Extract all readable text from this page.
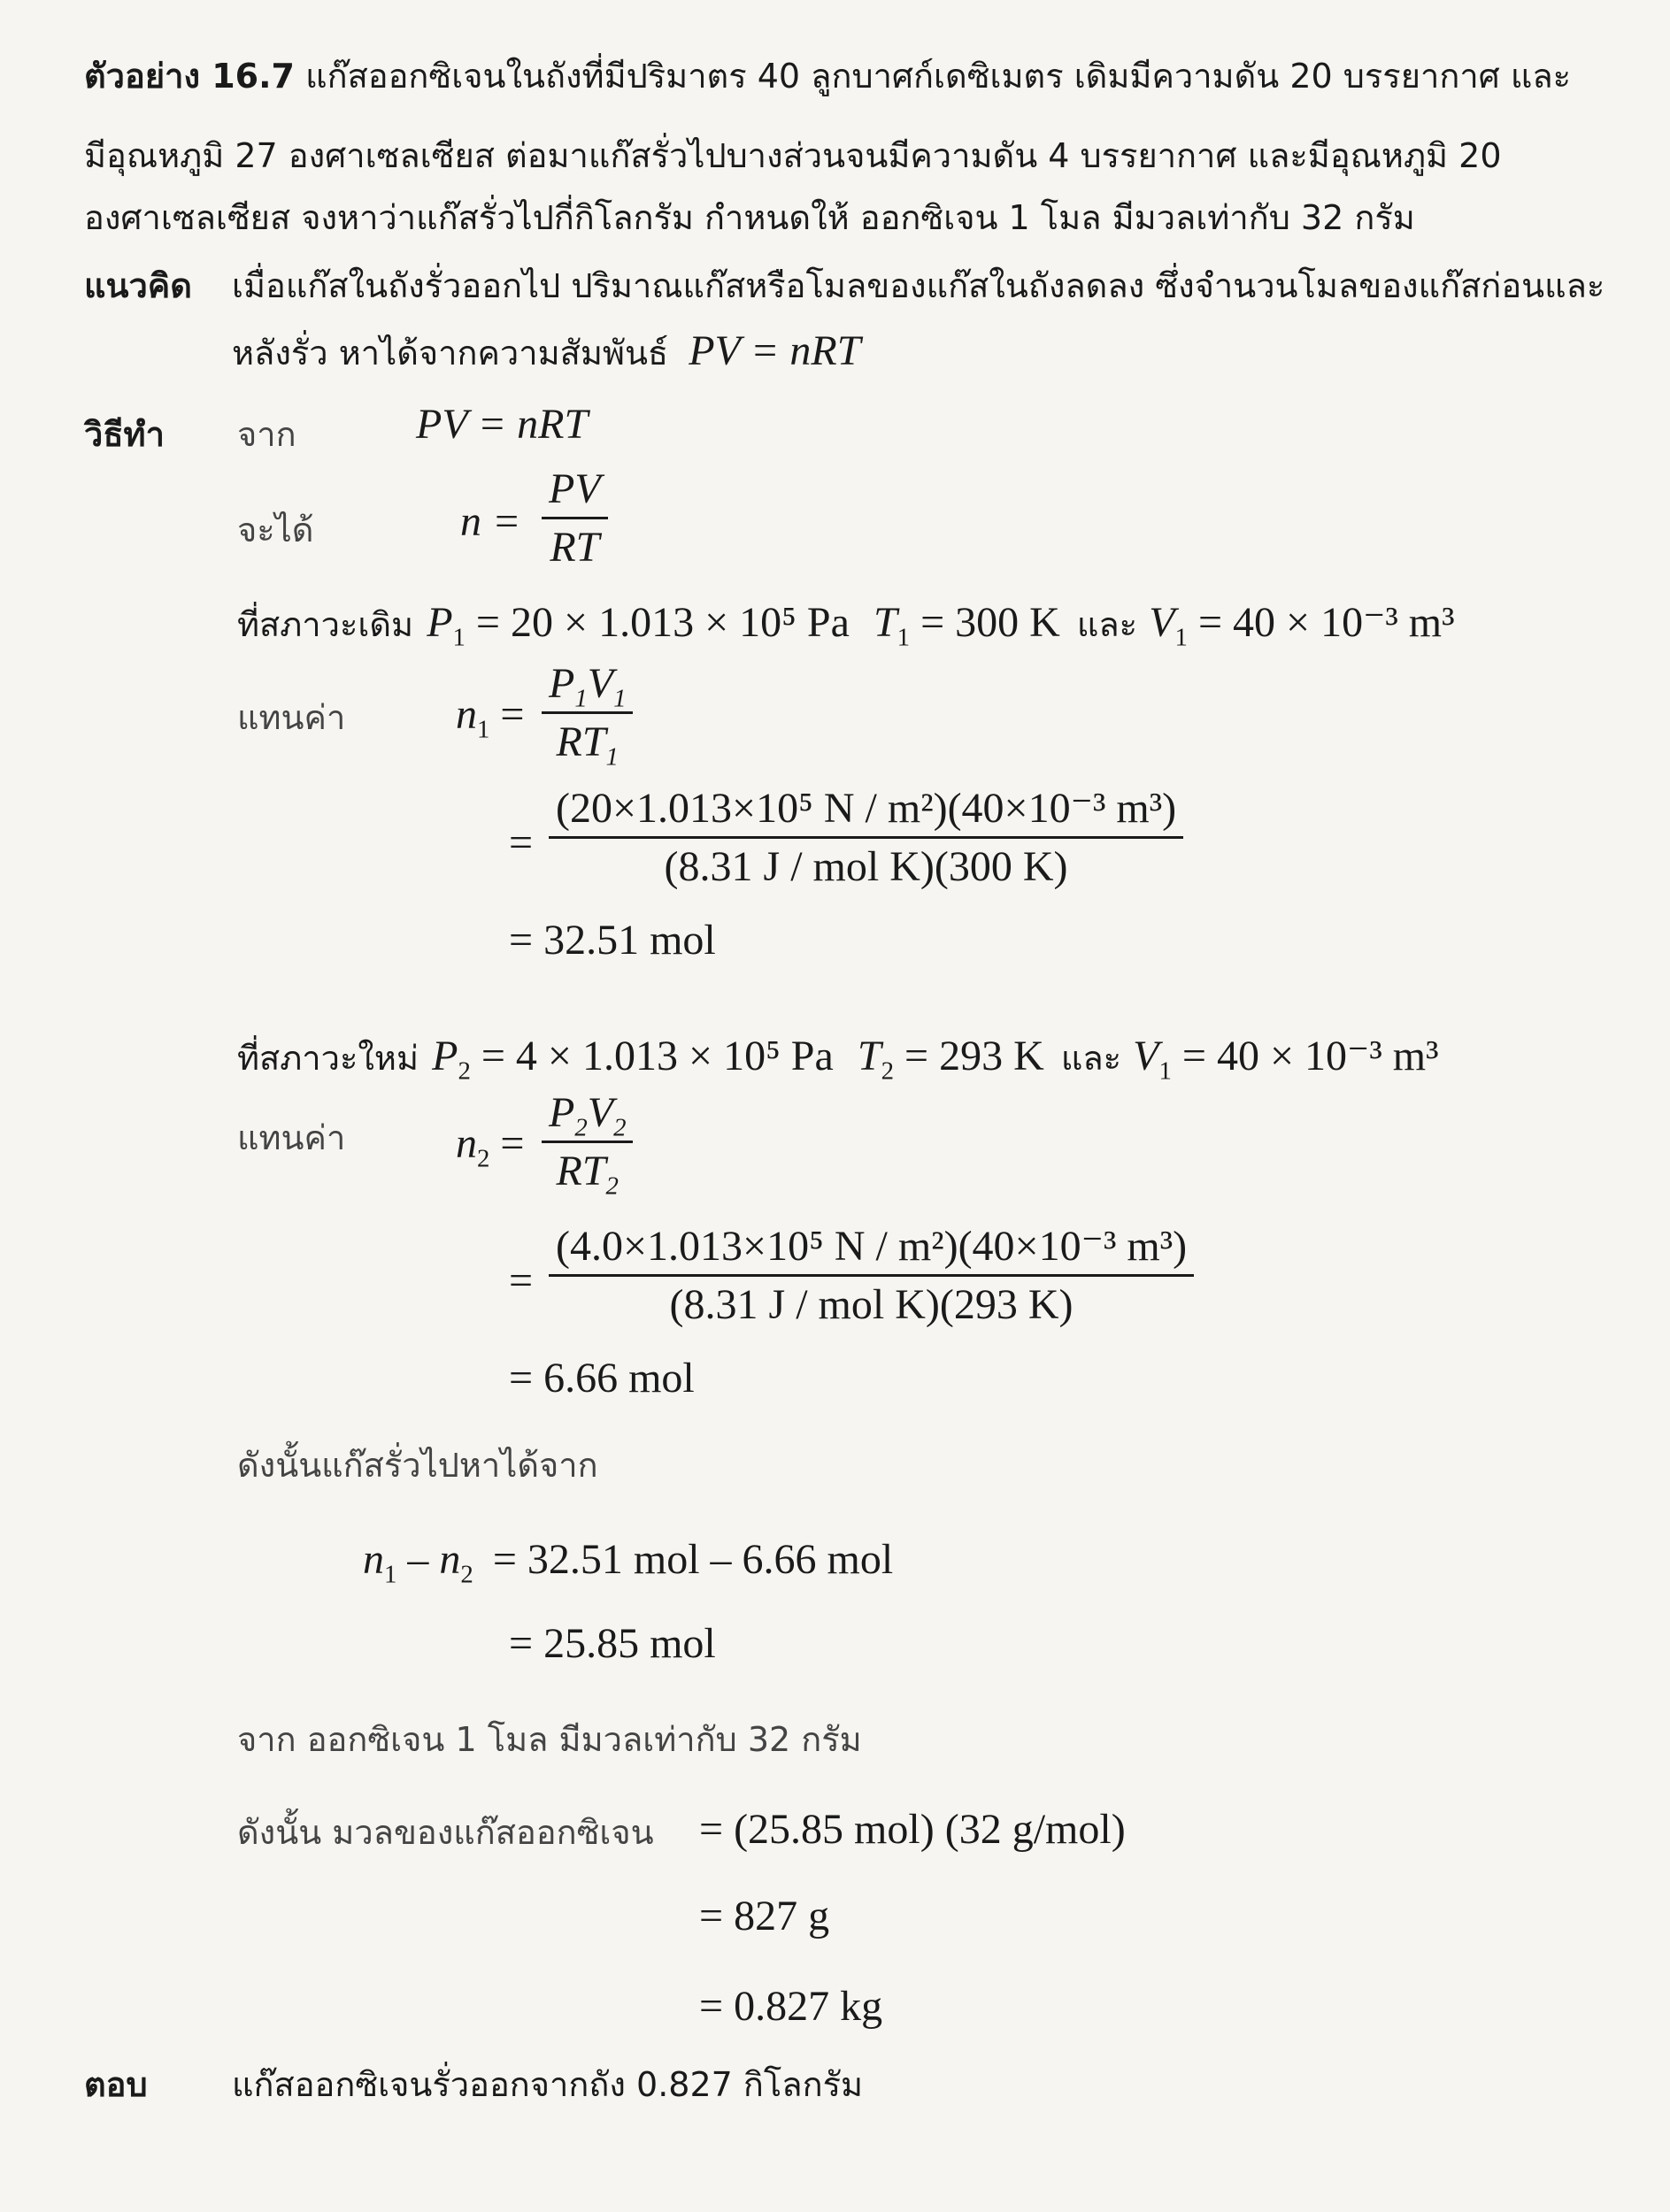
ตัวอย่าง 16.7 แก๊สออกซิเจนในถังที่มีปริมาตร 40 ลูกบาศก์เดซิเมตร เดิมมีความดัน 20 บรรยากาศ และ
มีอุณหภูมิ 27 องศาเซลเซียส ต่อมาแก๊สรั่วไปบางส่วนจนมีความดัน 4 บรรยากาศ และมีอุณหภูมิ 20
องศาเซลเซียส จงหาว่าแก๊สรั่วไปกี่กิโลกรัม กำหนดให้ ออกซิเจน 1 โมล มีมวลเท่ากับ 32 กรัม
แนวคิด เมื่อแก๊สในถังรั่วออกไป ปริมาณแก๊สหรือโมลของแก๊สในถังลดลง ซึ่งจำนวนโมลของแก๊สก่อนและ
หลังรั่ว หาได้จากความสัมพันธ์ PV = nRT
วิธีทำ จาก	PV = nRT
จะได้	$n = \frac{PV}{RT}$
ที่สภาวะเดิม $P_1 = 20 \times 1.013 \times 10^5$ Pa $T_1 = 300$ K และ $V_1 = 40 \times 10^{-3}$ m³
แทนค่า	$n_1 = \frac{P_1V_1}{RT_1}$
=
(20×1.013×10⁵ N / m²)(40×10⁻³ m³)
(8.31 J / mol K)(300 K)
= 32.51 mol
ที่สภาวะใหม่ $P_2 = 4 \times 1.013 \times 10^5$ Pa $T_2 = 293$ K และ $V_1 = 40 \times 10^{-3}$ m³
แทนค่า	$n_2 = \frac{P_2V_2}{RT_2}$
=
(4.0×1.013×10⁵ N / m²)(40×10⁻³ m³)
(8.31 J / mol K)(293 K)
= 6.66 mol
ดังนั้นแก๊สรั่วไปหาได้จาก
$n_1 - n_2 = 32.51$ mol – 6.66 mol
= 25.85 mol
จาก ออกซิเจน 1 โมล มีมวลเท่ากับ 32 กรัม
ดังนั้น มวลของแก๊สออกซิเจน = (25.85 mol) (32 g/mol)
= 827 g
= 0.827 kg
ตอบ	แก๊สออกซิเจนรั่วออกจากถัง 0.827 กิโลกรัม
